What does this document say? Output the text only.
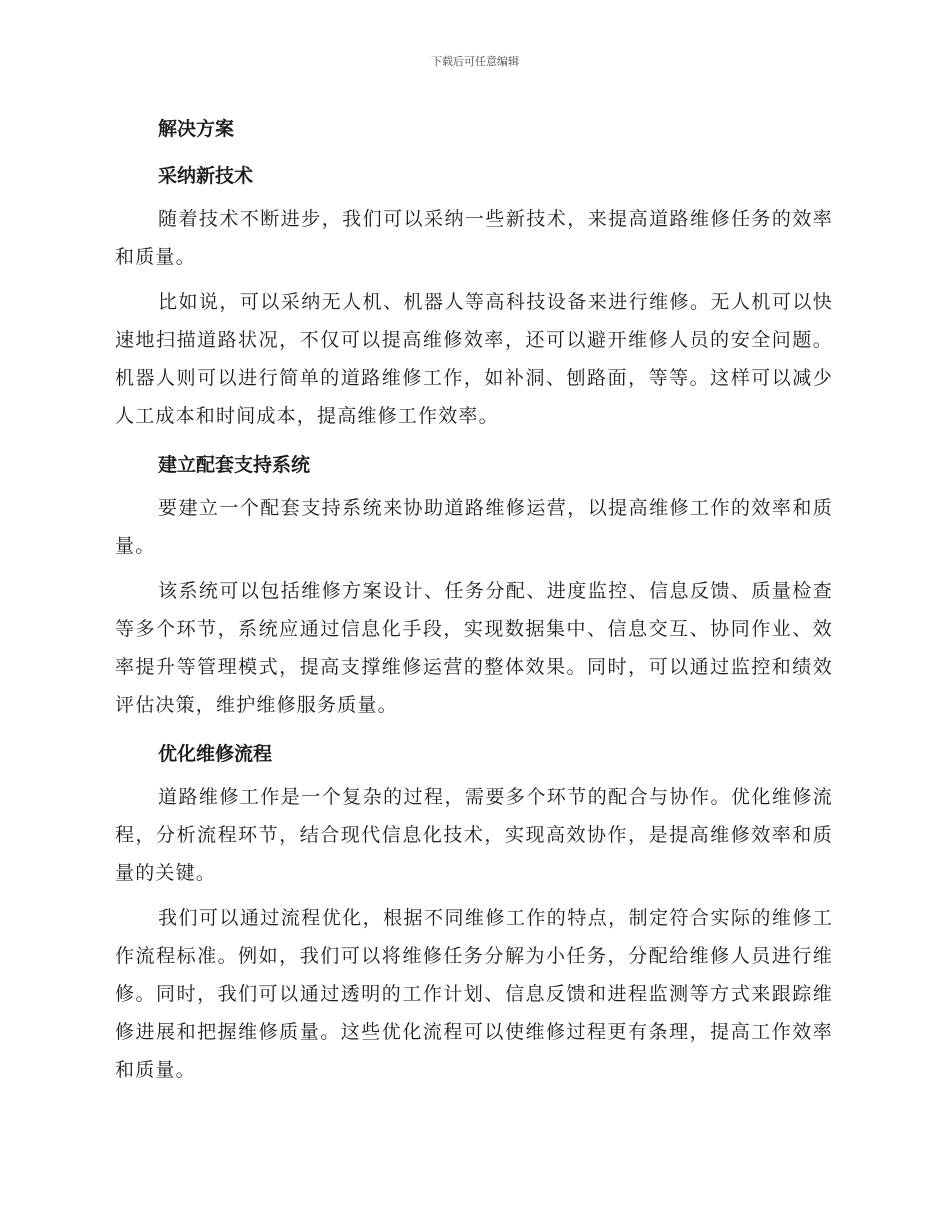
下载后可任意编辑
解决方案
采纳新技术

随着技术不断进步，我们可以采纳一些新技术，来提高道路维修任务的效率和质量。

比如说，可以采纳无人机、机器人等高科技设备来进行维修。无人机可以快速地扫描道路状况，不仅可以提高维修效率，还可以避开维修人员的安全问题。机器人则可以进行简单的道路维修工作，如补洞、刨路面，等等。这样可以减少人工成本和时间成本，提高维修工作效率。

建立配套支持系统

要建立一个配套支持系统来协助道路维修运营，以提高维修工作的效率和质量。

该系统可以包括维修方案设计、任务分配、进度监控、信息反馈、质量检查等多个环节，系统应通过信息化手段，实现数据集中、信息交互、协同作业、效率提升等管理模式，提高支撑维修运营的整体效果。同时，可以通过监控和绩效评估决策，维护维修服务质量。

优化维修流程

道路维修工作是一个复杂的过程，需要多个环节的配合与协作。优化维修流程，分析流程环节，结合现代信息化技术，实现高效协作，是提高维修效率和质量的关键。

我们可以通过流程优化，根据不同维修工作的特点，制定符合实际的维修工作流程标准。例如，我们可以将维修任务分解为小任务，分配给维修人员进行维修。同时，我们可以通过透明的工作计划、信息反馈和进程监测等方式来跟踪维修进展和把握维修质量。这些优化流程可以使维修过程更有条理，提高工作效率和质量。
